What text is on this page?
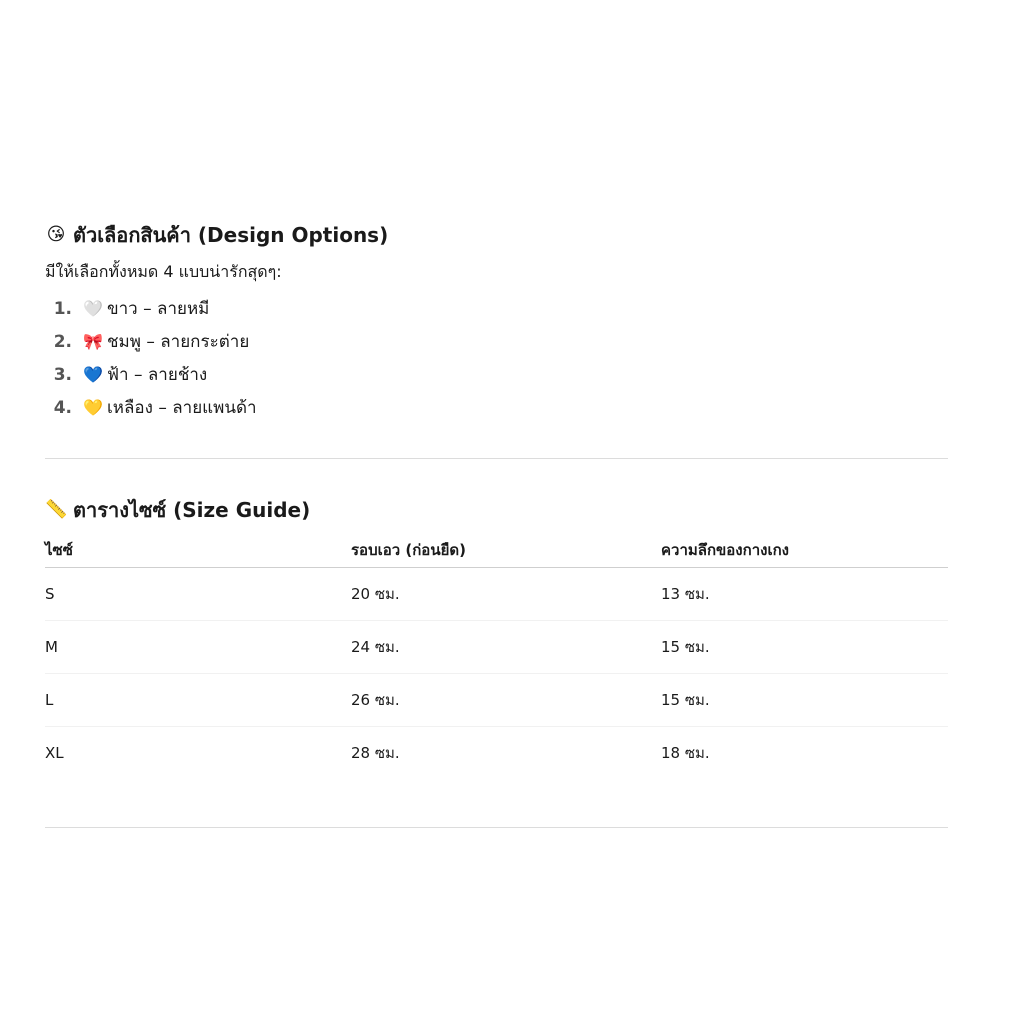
😘 ตัวเลือกสินค้า (Design Options)

มีให้เลือกทั้งหมด 4 แบบน่ารักสุดๆ:

1. 🤍 ขาว – ลายหมี
2. 🎀 ชมพู – ลายกระต่าย
3. 💙 ฟ้า – ลายช้าง
4. 💛 เหลือง – ลายแพนด้า
📏 ตารางไซซ์ (Size Guide)
ไซซ์	รอบเอว (ก่อนยืด)	ความลึกของกางเกง
S	20 ซม.	13 ซม.
M	24 ซม.	15 ซม.
L	26 ซม.	15 ซม.
XL	28 ซม.	18 ซม.
